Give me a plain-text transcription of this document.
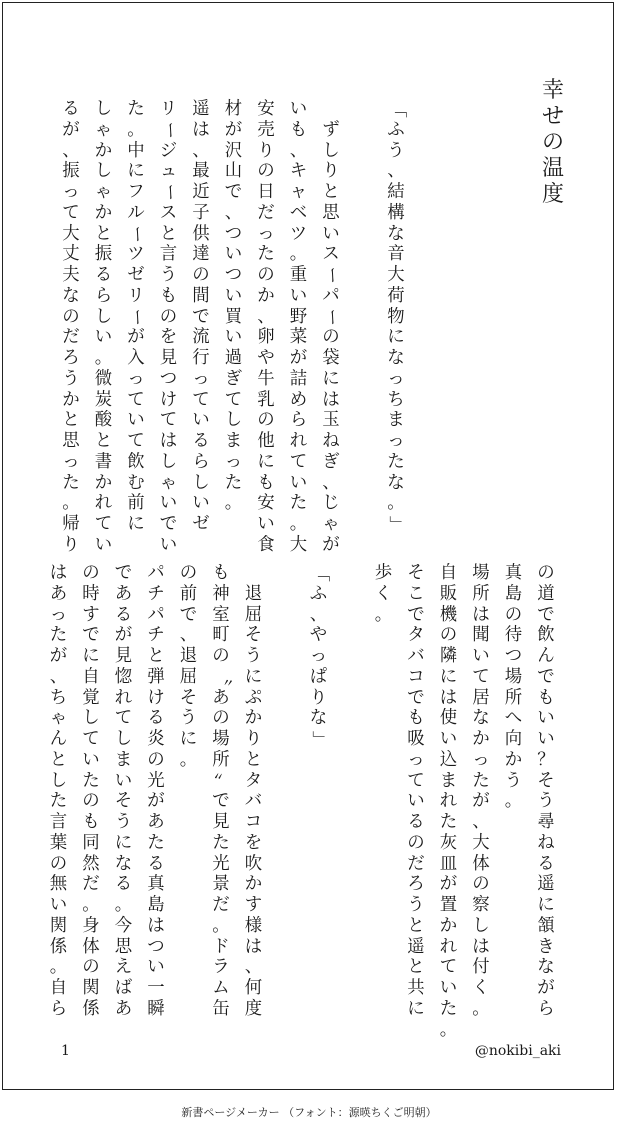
幸
せ
の
温
度
「
ふ
う
、
結
構
な
音
大
荷
物
に
な
っ
ち
ま
っ
た
な
。
」

ず
し
り
と
思
い
ス
ー
パ
ー
の
袋
に
は
玉
ね
ぎ
、
じ
ゃ
が
い
も
、
キ
ャ
ベ
ツ
。
重
い
野
菜
が
詰
め
ら
れ
て
い
た
。
大
安
売
り
の
日
だ
っ
た
の
か
、
卵
や
牛
乳
の
他
に
も
安
い
食
材
が
沢
山
で
、
つ
い
つ
い
買
い
過
ぎ
て
し
ま
っ
た
。
遥
は
、
最
近
子
供
達
の
間
で
流
行
っ
て
い
る
ら
し
い
ゼ
リ
ー
ジ
ュ
ー
ス
と
言
う
も
の
を
見
つ
け
て
は
し
ゃ
い
で
い
た
。
中
に
フ
ル
ー
ツ
ゼ
リ
ー
が
入
っ
て
い
て
飲
む
前
に
し
ゃ
か
し
ゃ
か
と
振
る
ら
し
い
。
微
炭
酸
と
書
か
れ
て
い
る
が
、
振
っ
て
大
丈
夫
な
の
だ
ろ
う
か
と
思
っ
た
。
帰
り
の
道
で
飲
ん
で
も
い
い
？
そ
う
尋
ね
る
遥
に
頷
き
な
が
ら
真
島
の
待
つ
場
所
へ
向
か
う
。
場
所
は
聞
い
て
居
な
か
っ
た
が
、
大
体
の
察
し
は
付
く
。
自
販
機
の
隣
に
は
使
い
込
ま
れ
た
灰
皿
が
置
か
れ
て
い
た
。
そ
こ
で
タ
バ
コ
で
も
吸
っ
て
い
る
の
だ
ろ
う
と
遥
と
共
に
歩
く
。
「
ふ
、
や
っ
ぱ
り
な
」

退
屈
そ
う
に
ぷ
か
り
と
タ
バ
コ
を
吹
か
す
様
は
、
何
度
も
神
室
町
の
〝
あ
の
場
所
〟
で
見
た
光
景
だ
。
ド
ラ
ム
缶
の
前
で
、
退
屈
そ
う
に
。
パ
チ
パ
チ
と
弾
け
る
炎
の
光
が
あ
た
る
真
島
は
つ
い
一
瞬
で
あ
る
が
見
惚
れ
て
し
ま
い
そ
う
に
な
る
。
今
思
え
ば
あ
の
時
す
で
に
自
覚
し
て
い
た
の
も
同
然
だ
。
身
体
の
関
係
は
あ
っ
た
が
、
ち
ゃ
ん
と
し
た
言
葉
の
無
い
関
係
。
自
ら
1	@nokibi_aki
新書ページメーカー （フォント：源暎ちくご明朝）
